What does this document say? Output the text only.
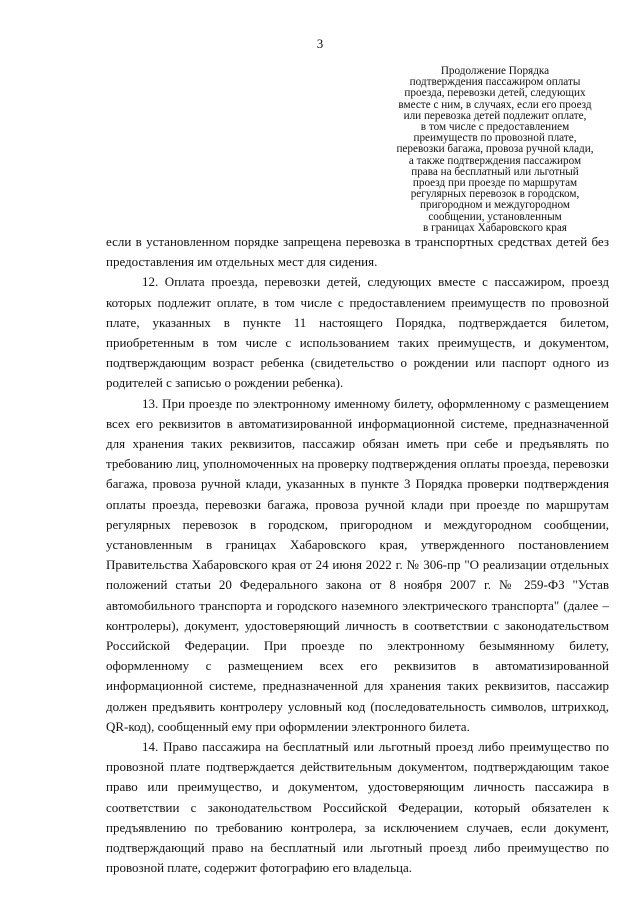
3
Продолжение Порядка
подтверждения пассажиром оплаты
проезда, перевозки детей, следующих
вместе с ним, в случаях, если его проезд
или перевозка детей подлежит оплате,
в том числе с предоставлением
преимуществ по провозной плате,
перевозки багажа, провоза ручной клади,
а также подтверждения пассажиром
права на бесплатный или льготный
проезд при проезде по маршрутам
регулярных перевозок в городском,
пригородном и междугородном
сообщении, установленным
в границах Хабаровского края

если в установленном порядке запрещена перевозка в транспортных средствах детей без предоставления им отдельных мест для сидения.

12. Оплата проезда, перевозки детей, следующих вместе с пассажиром, проезд которых подлежит оплате, в том числе с предоставлением преимуществ по провозной плате, указанных в пункте 11 настоящего Порядка, подтверждается билетом, приобретенным в том числе с использованием таких преимуществ, и документом, подтверждающим возраст ребенка (свидетельство о рождении или паспорт одного из родителей с записью о рождении ребенка).

13. При проезде по электронному именному билету, оформленному с размещением всех его реквизитов в автоматизированной информационной системе, предназначенной для хранения таких реквизитов, пассажир обязан иметь при себе и предъявлять по требованию лиц, уполномоченных на проверку подтверждения оплаты проезда, перевозки багажа, провоза ручной клади, указанных в пункте 3 Порядка проверки подтверждения оплаты проезда, перевозки багажа, провоза ручной клади при проезде по маршрутам регулярных перевозок в городском, пригородном и междугородном сообщении, установленным в границах Хабаровского края, утвержденного постановлением Правительства Хабаровского края от 24 июня 2022 г. № 306-пр "О реализации отдельных положений статьи 20 Федерального закона от 8 ноября 2007 г. № 259-ФЗ "Устав автомобильного транспорта и городского наземного электрического транспорта" (далее – контролеры), документ, удостоверяющий личность в соответствии с законодательством Российской Федерации. При проезде по электронному безымянному билету, оформленному с размещением всех его реквизитов в автоматизированной информационной системе, предназначенной для хранения таких реквизитов, пассажир должен предъявить контролеру условный код (последовательность символов, штрихкод, QR-код), сообщенный ему при оформлении электронного билета.

14. Право пассажира на бесплатный или льготный проезд либо преимущество по провозной плате подтверждается действительным документом, подтверждающим такое право или преимущество, и документом, удостоверяющим личность пассажира в соответствии с законодательством Российской Федерации, который обязателен к предъявлению по требованию контролера, за исключением случаев, если документ, подтверждающий право на бесплатный или льготный проезд либо преимущество по провозной плате, содержит фотографию его владельца.
